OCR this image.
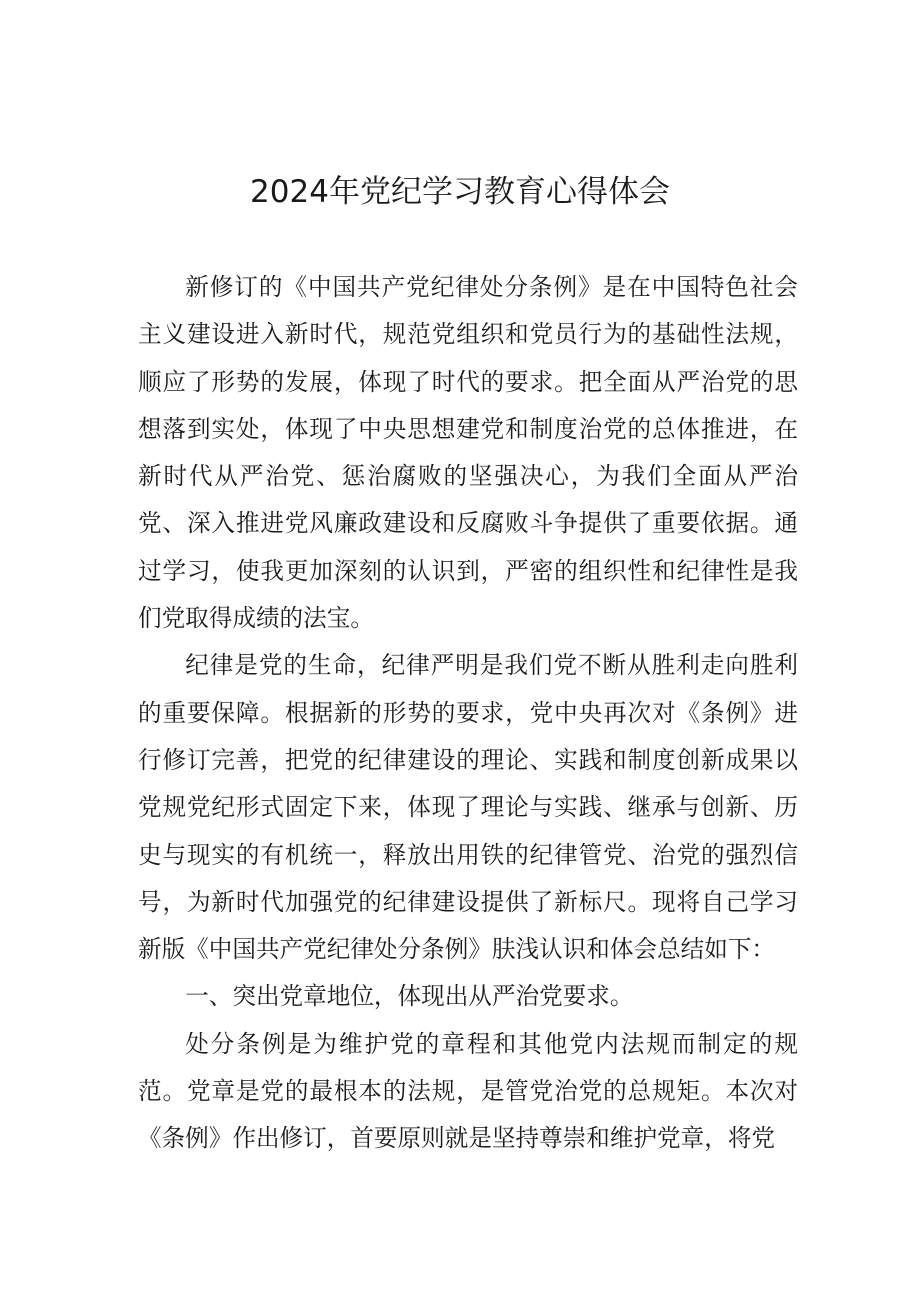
2024年党纪学习教育心得体会

新修订的《中国共产党纪律处分条例》是在中国特色社会主义建设进入新时代，规范党组织和党员行为的基础性法规，顺应了形势的发展，体现了时代的要求。把全面从严治党的思想落到实处，体现了中央思想建党和制度治党的总体推进，在新时代从严治党、惩治腐败的坚强决心，为我们全面从严治党、深入推进党风廉政建设和反腐败斗争提供了重要依据。通过学习，使我更加深刻的认识到，严密的组织性和纪律性是我们党取得成绩的法宝。

纪律是党的生命，纪律严明是我们党不断从胜利走向胜利的重要保障。根据新的形势的要求，党中央再次对《条例》进行修订完善，把党的纪律建设的理论、实践和制度创新成果以党规党纪形式固定下来，体现了理论与实践、继承与创新、历史与现实的有机统一，释放出用铁的纪律管党、治党的强烈信号，为新时代加强党的纪律建设提供了新标尺。现将自己学习新版《中国共产党纪律处分条例》肤浅认识和体会总结如下：

一、突出党章地位，体现出从严治党要求。

处分条例是为维护党的章程和其他党内法规而制定的规范。党章是党的最根本的法规，是管党治党的总规矩。本次对《条例》作出修订，首要原则就是坚持尊崇和维护党章，将党
